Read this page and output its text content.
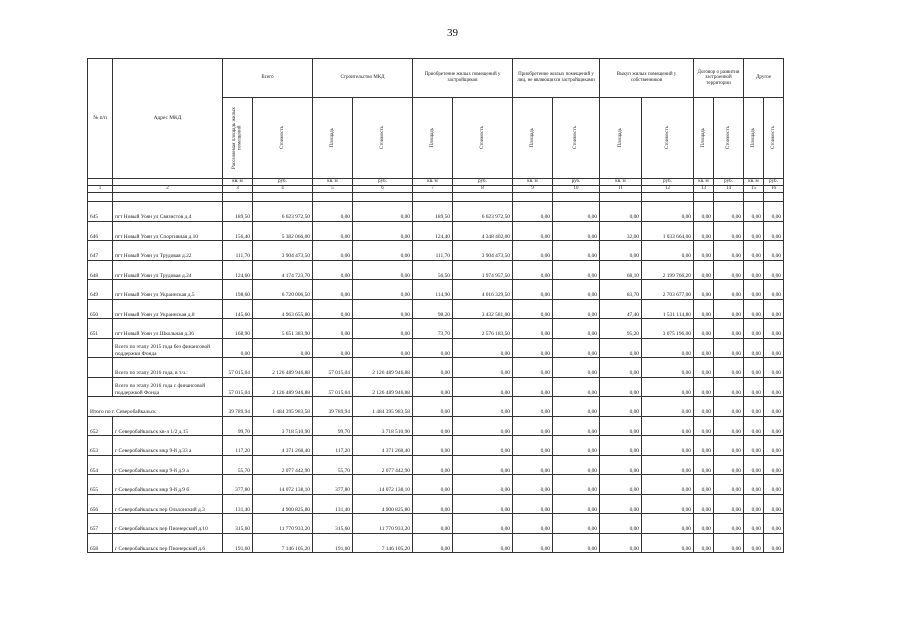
39
№ п/п	Адрес МКД	Всего		Строительство МКД		Приобретение жилых помещений у застройщиков		Приобретение жилых помещений у лиц, не являющихся застройщиками		Выкуп жилых помещений у собственников		Договор о развитии застроенной территории		Другое	

		Расселяемая площадь жилых помещений	Стоимость	Площадь	Стоимость	Площадь	Стоимость	Площадь	Стоимость	Площадь	Стоимость	Площадь	Стоимость	Площадь	Стоимость

		кв. м	руб.	кв. м	руб.	кв. м	руб.	кв. м	руб.	кв. м	руб.	кв. м	руб.	кв. м	руб.
1	2	3	4	5	6	7	8	9	10	11	12	13	14	15	16

645	пгт Новый Уоян ул Связистов д.4	189,50	6 623 972,50	0,00	0,00	189,50	6 623 972,50	0,00	0,00	0,00	0,00	0,00	0,00	0,00	0,00
646	пгт Новый Уоян ул Спортивная д.10	156,40	5 382 066,00	0,00	0,00	124,40	4 348 402,00	0,00	0,00	32,00	1 033 664,00	0,00	0,00	0,00	0,00
647	пгт Новый Уоян ул Трудовая д.22	111,70	3 904 473,50	0,00	0,00	111,70	3 904 473,50	0,00	0,00	0,00	0,00	0,00	0,00	0,00	0,00
648	пгт Новый Уоян ул Трудовая д.24	124,60	4 174 723,70	0,00	0,00	56,50	1 974 957,50	0,00	0,00	68,10	2 199 766,20	0,00	0,00	0,00	0,00
649	пгт Новый Уоян ул Украинская д.5	198,60	6 720 006,50	0,00	0,00	114,90	4 016 329,50	0,00	0,00	83,70	2 703 677,00	0,00	0,00	0,00	0,00
650	пгт Новый Уоян ул Украинская д.8	145,60	4 963 655,80	0,00	0,00	98,20	3 432 581,00	0,00	0,00	47,40	1 531 114,80	0,00	0,00	0,00	0,00
651	пгт Новый Уоян ул Школьная д.36	168,90	5 651 383,90	0,00	0,00	73,70	2 576 183,50	0,00	0,00	95,20	3 075 196,00	0,00	0,00	0,00	0,00
	Всего по этапу 2015 года без финансовой поддержки Фонда	0,00	0,00	0,00	0,00	0,00	0,00	0,00	0,00	0,00	0,00	0,00	0,00	0,00	0,00
	Всего по этапу 2016 года, в т.ч.:	57 015,04	2 126 489 946,88	57 015,04	2 126 489 946,88	0,00	0,00	0,00	0,00	0,00	0,00	0,00	0,00	0,00	0,00
	Всего по этапу 2016 года с финансовой поддержкой Фонда	57 015,04	2 126 489 946,88	57 015,04	2 126 489 946,88	0,00	0,00	0,00	0,00	0,00	0,00	0,00	0,00	0,00	0,00
Итого по г. Северобайкальск		39 789,94	1 484 395 983,58	39 789,94	1 484 395 983,58	0,00	0,00	0,00	0,00	0,00	0,00	0,00	0,00	0,00	0,00
652	г Северобайкальск кв-л 1/2 д.15	99,70	3 718 510,90	99,70	3 718 510,90	0,00	0,00	0,00	0,00	0,00	0,00	0,00	0,00	0,00	0,00
653	г Северобайкальск мкр 9-й д.33 а	117,20	4 371 268,40	117,20	4 371 268,40	0,00	0,00	0,00	0,00	0,00	0,00	0,00	0,00	0,00	0,00
654	г Северобайкальск мкр 9-й д.9 а	55,70	2 077 442,90	55,70	2 077 442,90	0,00	0,00	0,00	0,00	0,00	0,00	0,00	0,00	0,00	0,00
655	г Северобайкальск мкр 9-й д.9 б	377,80	14 072 138,10	377,80	14 072 138,10	0,00	0,00	0,00	0,00	0,00	0,00	0,00	0,00	0,00	0,00
656	г Северобайкальск пер Ольхонский д.3	131,40	4 900 825,80	131,40	4 900 825,80	0,00	0,00	0,00	0,00	0,00	0,00	0,00	0,00	0,00	0,00
657	г Северобайкальск пер Пионерский д.10	315,60	11 770 933,20	315,60	11 770 933,20	0,00	0,00	0,00	0,00	0,00	0,00	0,00	0,00	0,00	0,00
658	г Северобайкальск пер Пионерский д.6	191,60	7 146 105,20	191,60	7 146 105,20	0,00	0,00	0,00	0,00	0,00	0,00	0,00	0,00	0,00	0,00
